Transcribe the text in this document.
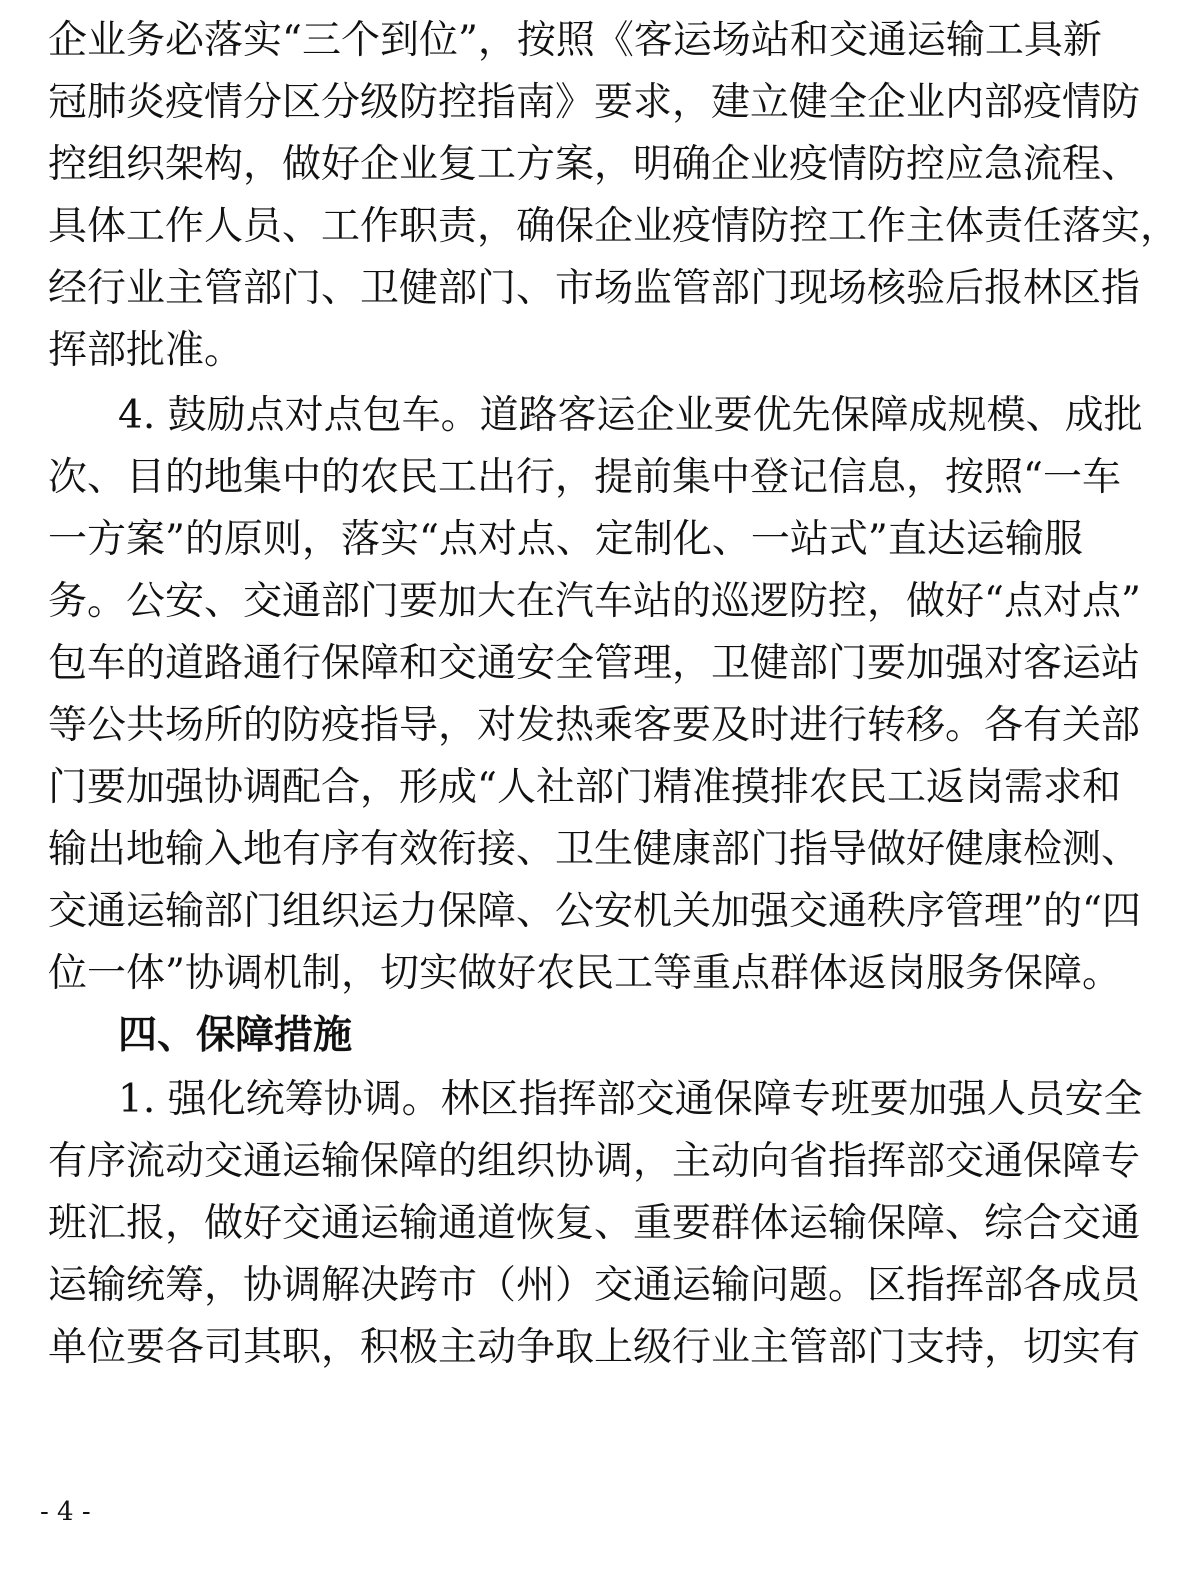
企业务必落实“三个到位”，按照《客运场站和交通运输工具新
冠肺炎疫情分区分级防控指南》要求，建立健全企业内部疫情防
控组织架构，做好企业复工方案，明确企业疫情防控应急流程、
具体工作人员、工作职责，确保企业疫情防控工作主体责任落实，
经行业主管部门、卫健部门、市场监管部门现场核验后报林区指
挥部批准。
4. 鼓励点对点包车。道路客运企业要优先保障成规模、成批
次、目的地集中的农民工出行，提前集中登记信息，按照“一车
一方案”的原则，落实“点对点、定制化、一站式”直达运输服
务。公安、交通部门要加大在汽车站的巡逻防控，做好“点对点”
包车的道路通行保障和交通安全管理，卫健部门要加强对客运站
等公共场所的防疫指导，对发热乘客要及时进行转移。各有关部
门要加强协调配合，形成“人社部门精准摸排农民工返岗需求和
输出地输入地有序有效衔接、卫生健康部门指导做好健康检测、
交通运输部门组织运力保障、公安机关加强交通秩序管理”的“四
位一体”协调机制，切实做好农民工等重点群体返岗服务保障。
四、保障措施
1. 强化统筹协调。林区指挥部交通保障专班要加强人员安全
有序流动交通运输保障的组织协调，主动向省指挥部交通保障专
班汇报，做好交通运输通道恢复、重要群体运输保障、综合交通
运输统筹，协调解决跨市（州）交通运输问题。区指挥部各成员
单位要各司其职，积极主动争取上级行业主管部门支持，切实有
- 4 -
